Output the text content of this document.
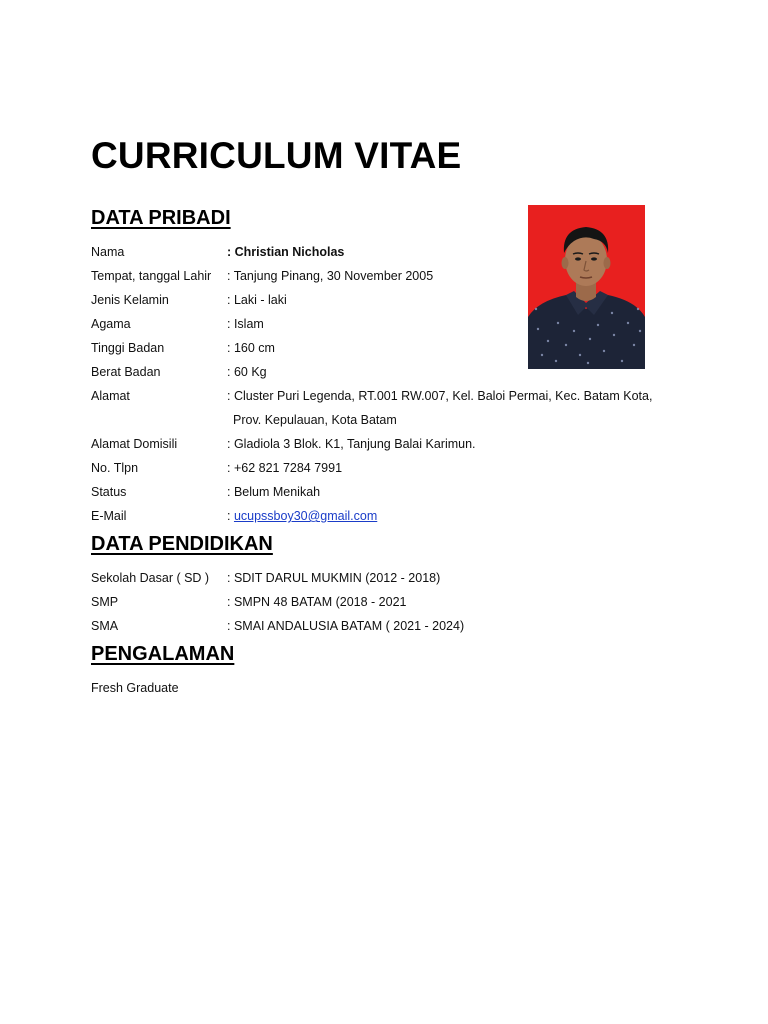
CURRICULUM VITAE
DATA PRIBADI
Nama	: Christian Nicholas
Tempat, tanggal Lahir : Tanjung Pinang, 30 November 2005
Jenis Kelamin	: Laki - laki
Agama	: Islam
Tinggi Badan	: 160 cm
Berat Badan	: 60 Kg
Alamat	: Cluster Puri Legenda, RT.001 RW.007, Kel. Baloi Permai, Kec. Batam Kota,
Prov. Kepulauan, Kota Batam
Alamat Domisili	: Gladiola 3 Blok. K1, Tanjung Balai Karimun.
No. Tlpn	: +62 821 7284 7991
Status	: Belum Menikah
E-Mail	: ucupssboy30@gmail.com
DATA PENDIDIKAN
Sekolah Dasar ( SD ) : SDIT DARUL MUKMIN (2012 - 2018)
SMP	: SMPN 48 BATAM (2018 - 2021
SMA	: SMAI ANDALUSIA BATAM ( 2021 - 2024)
PENGALAMAN
Fresh Graduate
